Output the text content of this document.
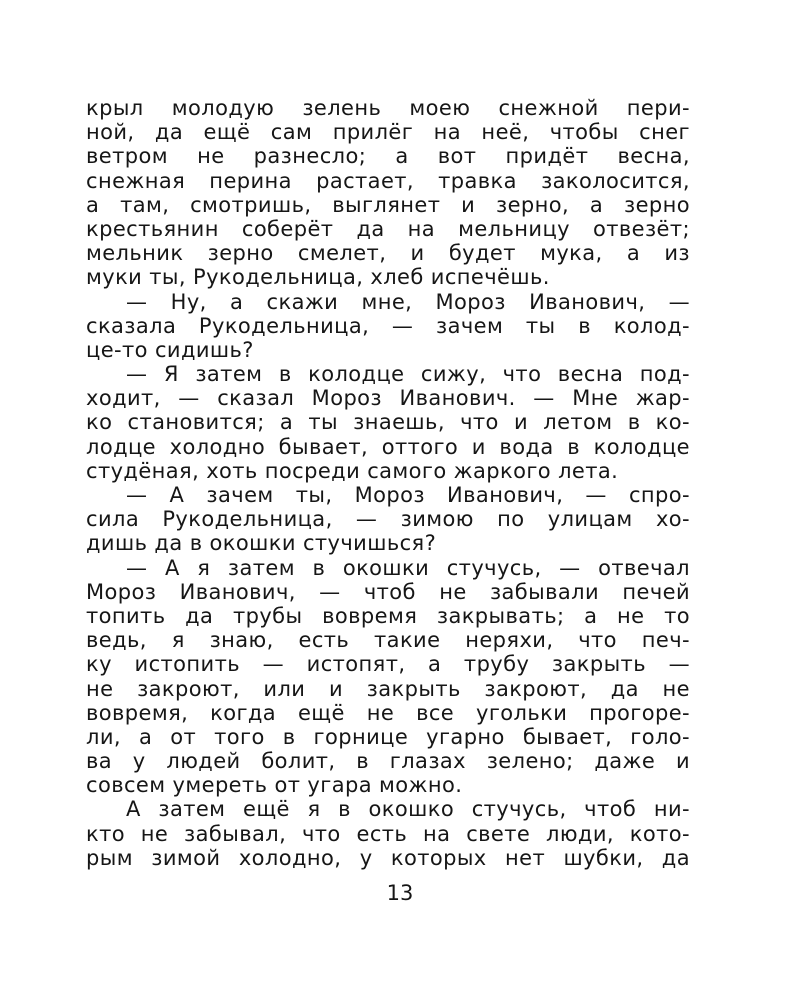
крыл молодую зелень моею снежной пери-
ной, да ещё сам прилёг на неё, чтобы снег
ветром не разнесло; а вот придёт весна,
снежная перина растает, травка заколосится,
а там, смотришь, выглянет и зерно, а зерно
крестьянин соберёт да на мельницу отвезёт;
мельник зерно смелет, и будет мука, а из
муки ты, Рукодельница, хлеб испечёшь.
— Ну, а скажи мне, Мороз Иванович, —
сказала Рукодельница, — зачем ты в колод-
це-то сидишь?
— Я затем в колодце сижу, что весна под-
ходит, — сказал Мороз Иванович. — Мне жар-
ко становится; а ты знаешь, что и летом в ко-
лодце холодно бывает, оттого и вода в колодце
студёная, хоть посреди самого жаркого лета.
— А зачем ты, Мороз Иванович, — спро-
сила Рукодельница, — зимою по улицам хо-
дишь да в окошки стучишься?
— А я затем в окошки стучусь, — отвечал
Мороз Иванович, — чтоб не забывали печей
топить да трубы вовремя закрывать; а не то
ведь, я знаю, есть такие неряхи, что печ-
ку истопить — истопят, а трубу закрыть —
не закроют, или и закрыть закроют, да не
вовремя, когда ещё не все угольки прогоре-
ли, а от того в горнице угарно бывает, голо-
ва у людей болит, в глазах зелено; даже и
совсем умереть от угара можно.
А затем ещё я в окошко стучусь, чтоб ни-
кто не забывал, что есть на свете люди, кото-
рым зимой холодно, у которых нет шубки, да
13
